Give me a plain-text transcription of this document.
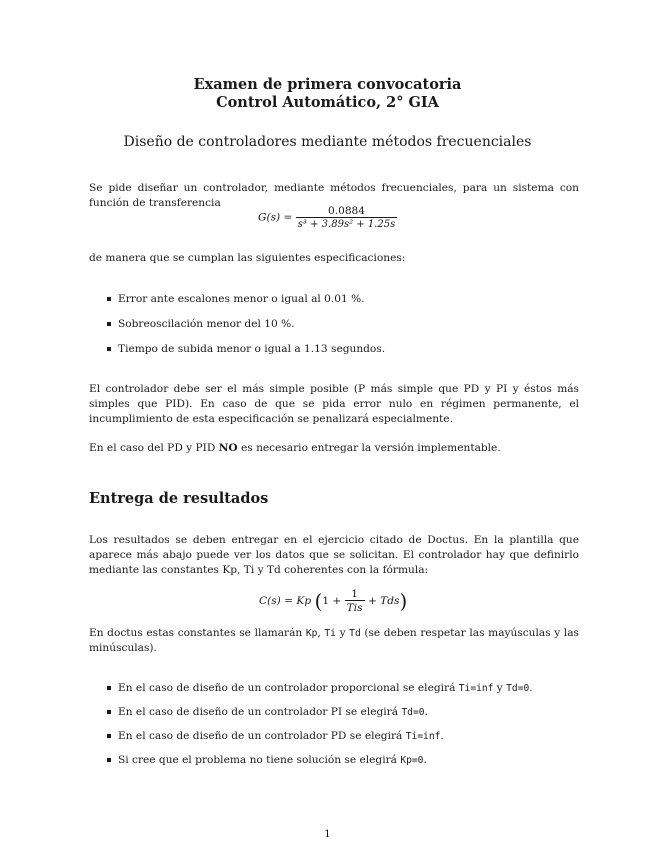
Examen de primera convocatoria
Control Automático, 2° GIA
Diseño de controladores mediante métodos frecuenciales
Se pide diseñar un controlador, mediante métodos frecuenciales, para un sistema con función de transferencia
$G(s) = \frac{0.0884}{\text{s³ + 3.89s² + 1.25s}}$
de manera que se cumplan las siguientes especificaciones:
Error ante escalones menor o igual al 0.01 %.
Sobreoscilación menor del 10 %.
Tiempo de subida menor o igual a 1.13 segundos.
El controlador debe ser el más simple posible (P más simple que PD y PI y éstos más simples que PID). En caso de que se pida error nulo en régimen permanente, el incumplimiento de esta especificación se penalizará especialmente.
En el caso del PD y PID NO es necesario entregar la versión implementable.
Entrega de resultados
Los resultados se deben entregar en el ejercicio citado de Doctus. En la plantilla que aparece más abajo puede ver los datos que se solicitan. El controlador hay que definirlo mediante las constantes Kp, Ti y Td coherentes con la fórmula:
C(s) = Kp $(1 + \frac{1}{\text{Tis}} + Tds)$
En doctus estas constantes se llamarán Kp, Ti y Td (se deben respetar las mayúsculas y las minúsculas).
En el caso de diseño de un controlador proporcional se elegirá Ti=inf y Td=0.
En el caso de diseño de un controlador PI se elegirá Td=0.
En el caso de diseño de un controlador PD se elegirá Ti=inf.
Si cree que el problema no tiene solución se elegirá Kp=0.
1
